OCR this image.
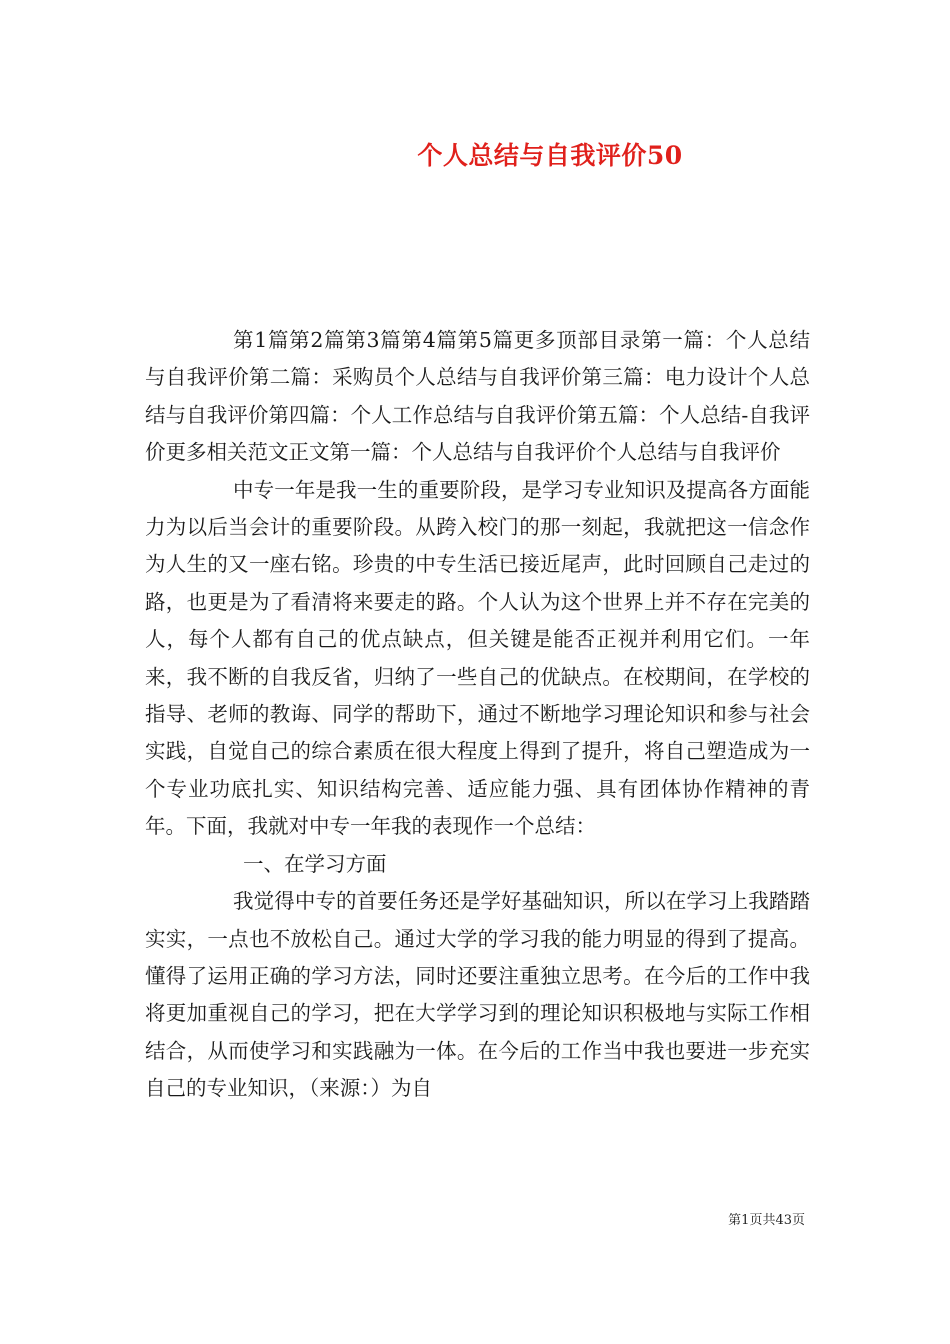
个人总结与自我评价50

第1篇第2篇第3篇第4篇第5篇更多顶部目录第一篇：个人总结与自我评价第二篇：采购员个人总结与自我评价第三篇：电力设计个人总结与自我评价第四篇：个人工作总结与自我评价第五篇：个人总结-自我评价更多相关范文正文第一篇：个人总结与自我评价个人总结与自我评价

中专一年是我一生的重要阶段，是学习专业知识及提高各方面能力为以后当会计的重要阶段。从跨入校门的那一刻起，我就把这一信念作为人生的又一座右铭。珍贵的中专生活已接近尾声，此时回顾自己走过的路，也更是为了看清将来要走的路。个人认为这个世界上并不存在完美的人，每个人都有自己的优点缺点，但关键是能否正视并利用它们。一年来，我不断的自我反省，归纳了一些自己的优缺点。在校期间，在学校的指导、老师的教诲、同学的帮助下，通过不断地学习理论知识和参与社会实践，自觉自己的综合素质在很大程度上得到了提升，将自己塑造成为一个专业功底扎实、知识结构完善、适应能力强、具有团体协作精神的青年。下面，我就对中专一年我的表现作一个总结：

一、在学习方面

我觉得中专的首要任务还是学好基础知识，所以在学习上我踏踏实实，一点也不放松自己。通过大学的学习我的能力明显的得到了提高。懂得了运用正确的学习方法，同时还要注重独立思考。在今后的工作中我将更加重视自己的学习，把在大学学习到的理论知识积极地与实际工作相结合，从而使学习和实践融为一体。在今后的工作当中我也要进一步充实自己的专业知识，（来源：）为自

第1页共43页
